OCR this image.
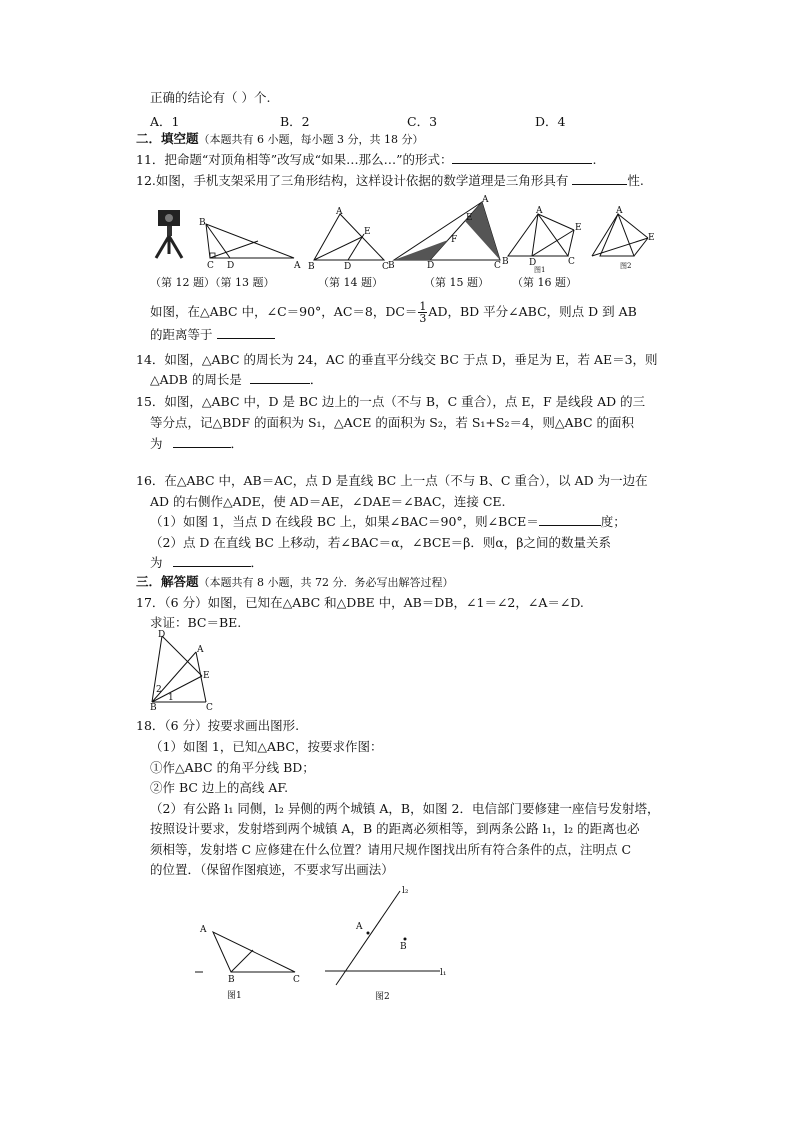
正确的结论有（ ）个.
A．1	B．2	C．3	D．4
二．填空题（本题共有 6 小题，每小题 3 分，共 18 分）
11．把命题“对顶角相等”改写成“如果…那么…”的形式：	.
12.如图，手机支架采用了三角形结构，这样设计依据的数学道理是三角形具有	性.
B
C D	A
A
B	D	C
E
A
B	D	C
E
F
A
B D	C
E
图1
A
E
图2
（第 12 题）（第 13 题）	（第 14 题）	（第 15 题） （第 16 题）
如图，在△ABC 中，∠C＝90°，AC＝8，$DC= \frac{1}{3}$ AD，BD 平分∠ABC，则点 D 到 AB
的距离等于
14．如图，△ABC 的周长为 24，AC 的垂直平分线交 BC 于点 D，垂足为 E，若 AE＝3，则
△ADB 的周长是	．
15．如图，△ABC 中，D 是 BC 边上的一点（不与 B，C 重合），点 E，F 是线段 AD 的三
等分点，记△BDF 的面积为 S₁，△ACE 的面积为 S₂，若 S₁+S₂＝4，则△ABC 的面积
为	．
16．在△ABC 中，AB＝AC，点 D 是直线 BC 上一点（不与 B、C 重合），以 AD 为一边在
AD 的右侧作△ADE，使 AD＝AE，∠DAE＝∠BAC，连接 CE.
（1）如图 1，当点 D 在线段 BC 上，如果∠BAC＝90°，则∠BCE＝	度；
（2）点 D 在直线 BC 上移动，若∠BAC＝α，∠BCE＝β．则α，β之间的数量关系
为	．
三．解答题（本题共有 8 小题，共 72 分．务必写出解答过程）
17．（6 分）如图，已知在△ABC 和△DBE 中，AB＝DB，∠1＝∠2，∠A＝∠D.
求证：BC＝BE.
D
A
E
B	C
2
1
18．（6 分）按要求画出图形.
（1）如图 1，已知△ABC，按要求作图：
①作△ABC 的角平分线 BD；
②作 BC 边上的高线 AF.
（2）有公路 l₁ 同侧，l₂ 异侧的两个城镇 A，B，如图 2．电信部门要修建一座信号发射塔，
按照设计要求，发射塔到两个城镇 A，B 的距离必须相等，到两条公路 l₁，l₂ 的距离也必
须相等，发射塔 C 应修建在什么位置？请用尺规作图找出所有符合条件的点，注明点 C
的位置．（保留作图痕迹，不要求写出画法）
A
B	C
图1
l₂
l₁
A
B
图2
